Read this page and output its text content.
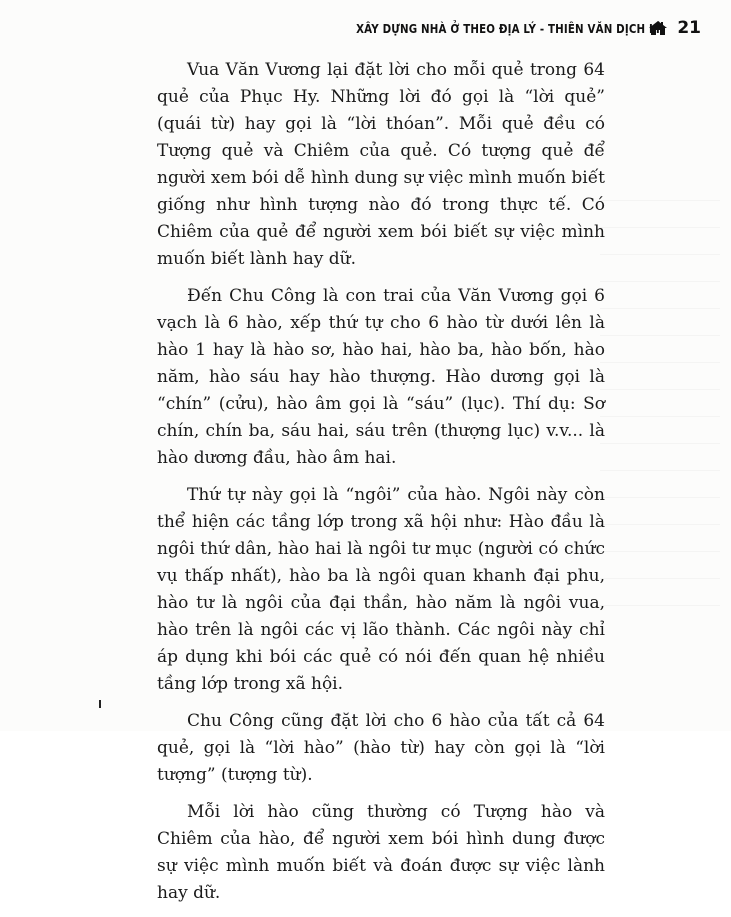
XÂY DỰNG NHÀ Ở THEO ĐỊA LÝ - THIÊN VĂN DỊCH LÝ 21

Vua Văn Vương lại đặt lời cho mỗi quẻ trong 64 quẻ của Phục Hy. Những lời đó gọi là “lời quẻ” (quái từ) hay gọi là “lời thóan”. Mỗi quẻ đều có Tượng quẻ và Chiêm của quẻ. Có tượng quẻ để người xem bói dễ hình dung sự việc mình muốn biết giống như hình tượng nào đó trong thực tế. Có Chiêm của quẻ để người xem bói biết sự việc mình muốn biết lành hay dữ.

Đến Chu Công là con trai của Văn Vương gọi 6 vạch là 6 hào, xếp thứ tự cho 6 hào từ dưới lên là hào 1 hay là hào sơ, hào hai, hào ba, hào bốn, hào năm, hào sáu hay hào thượng. Hào dương gọi là “chín” (cửu), hào âm gọi là “sáu” (lục). Thí dụ: Sơ chín, chín ba, sáu hai, sáu trên (thượng lục) v.v... là hào dương đầu, hào âm hai.

Thứ tự này gọi là “ngôi” của hào. Ngôi này còn thể hiện các tầng lớp trong xã hội như: Hào đầu là ngôi thứ dân, hào hai là ngôi tư mục (người có chức vụ thấp nhất), hào ba là ngôi quan khanh đại phu, hào tư là ngôi của đại thần, hào năm là ngôi vua, hào trên là ngôi các vị lão thành. Các ngôi này chỉ áp dụng khi bói các quẻ có nói đến quan hệ nhiều tầng lớp trong xã hội.

Chu Công cũng đặt lời cho 6 hào của tất cả 64 quẻ, gọi là “lời hào” (hào từ) hay còn gọi là “lời tượng” (tượng từ).

Mỗi lời hào cũng thường có Tượng hào và Chiêm của hào, để người xem bói hình dung được sự việc mình muốn biết và đoán được sự việc lành hay dữ.
